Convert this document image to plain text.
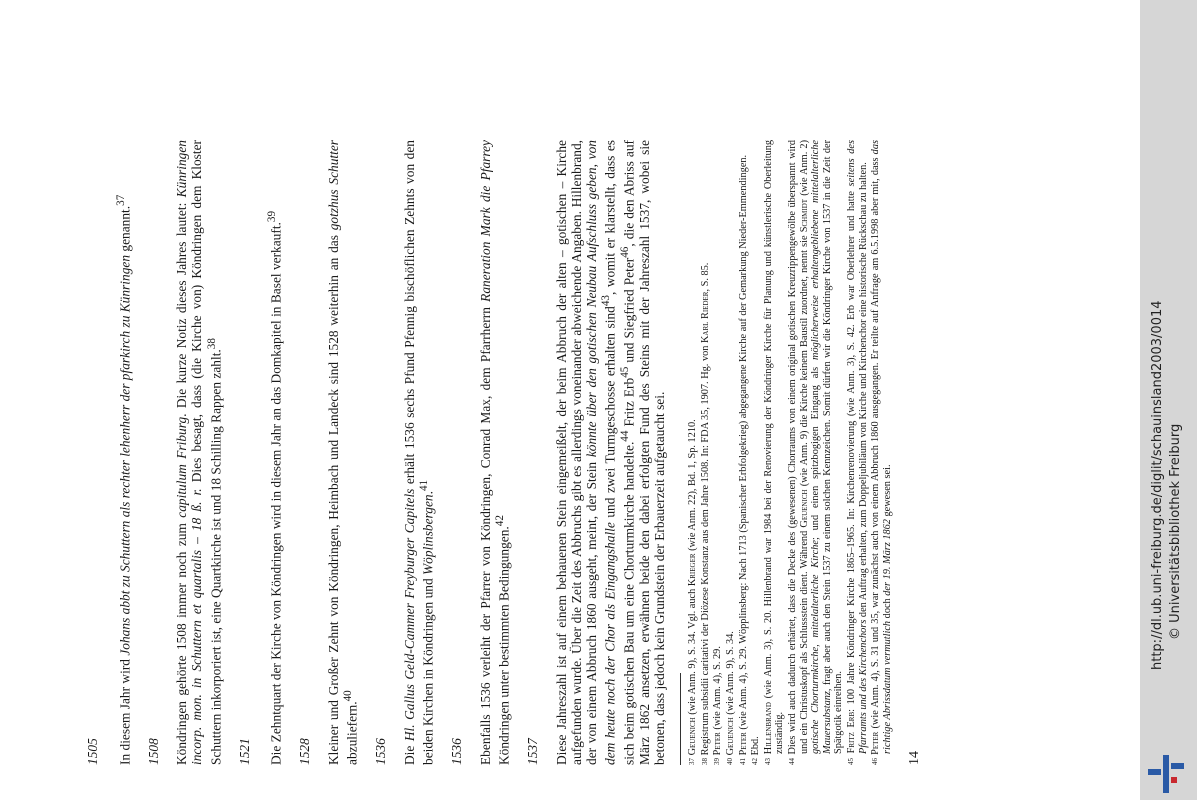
1505 In diesem Jahr wird Johans abbt zu Schuttern als rechter lehenherr der pfarkirch zu Künringen genannt.$^{37}$

1508 Köndringen gehörte 1508 immer noch zum capitulum Friburg. Die kurze Notiz dieses Jahres lautet: Künringen incorp. mon. in Schuttern et quartalis – 18 ß. r. Dies besagt, dass (die Kirche von) Köndringen dem Kloster Schuttern inkorporiert ist, eine Quartkirche ist und 18 Schilling Rappen zahlt.$^{38}$

1521 Die Zehntquart der Kirche von Köndringen wird in diesem Jahr an das Domkapitel in Basel verkauft.$^{39}$

1528 Kleiner und Großer Zehnt von Köndringen, Heimbach und Landeck sind 1528 weiterhin an das gotzhus Schutter abzuliefern.$^{40}$

1536 Die Hl. Gallus Geld-Cammer Freyburger Capitels erhält 1536 sechs Pfund Pfennig bischöflichen Zehnts von den beiden Kirchen in Köndringen und Wöplinsbergen.$^{41}$

1536 Ebenfalls 1536 verleiht der Pfarrer von Köndringen, Conrad Max, dem Pfarrherrn Raneration Mark die Pfarrey Köndringen unter bestimmten Bedingungen.$^{42}$

1537 Diese Jahreszahl ist auf einem behauenen Stein eingemeißelt, der beim Abbruch der alten – gotischen – Kirche aufgefunden wurde. Über die Zeit des Abbruchs gibt es allerdings voneinander abweichende Angaben. Hillenbrand, der von einem Abbruch 1860 ausgeht, meint, der Stein könnte über den gotischen Neubau Aufschluss geben, von dem heute noch der Chor als Eingangshalle und zwei Turmgeschosse erhalten sind$^{43}$, womit er klarstellt, dass es sich beim gotischen Bau um eine Chorturmkirche handelte.$^{44}$ Fritz Erb$^{45}$ und Siegfried Peter$^{46}$, die den Abriss auf März 1862 ansetzen, erwähnen beide den dabei erfolgten Fund des Steins mit der Jahreszahl 1537, wobei sie betonen, dass jedoch kein Grundstein der Erbauerzeit aufgetaucht sei.	$^{37}$ Geuenich (wie Anm. 9), S. 34. Vgl. auch Krieger (wie Anm. 22), Bd. 1, Sp. 1210.

$^{38}$ Registrum subsidii caritativi der Diözese Konstanz aus dem Jahre 1508. In: FDA 35, 1907. Hg. von Karl Rieder, S. 85.

$^{39}$ Peter (wie Anm. 4), S. 29.

$^{40}$ Geuenich (wie Anm. 9), S. 34.

$^{41}$ Peter (wie Anm. 4), S. 29. Wöpplinsberg: Nach 1713 (Spanischer Erbfolgekrieg) abgegangene Kirche auf der Gemarkung Nieder-Emmendingen.

$^{42}$ Ebd.

$^{43}$ Hillenbrand (wie Anm. 3), S. 20. Hillenbrand war 1984 bei der Renovierung der Köndringer Kirche für Planung und künstlerische Oberleitung zuständig.

$^{44}$ Dies wird auch dadurch erhärtet, dass die Decke des (gewesenen) Chorraums von einem original gotischen Kreuzrippengewölbe überspannt wird und ein Christuskopf als Schlussstein dient. Während Geuenich (wie Anm. 9) die Kirche keinem Baustil zuordnet, nennt sie Schmidt (wie Anm. 2) gotische Chorturmkirche, mittelalterliche Kirche; und einen spitzbogigen Eingang als möglicherweise erhaltengebliebene mittelalterliche Mauersubstanz, fragt aber auch den Stein 1537 zu einem solchen Kennzeichen. Somit dürfen wir die Köndringer Kirche von 1537 in die Zeit der Spätgotik einreihen.

$^{45}$ Fritz Erb: 100 Jahre Köndringer Kirche 1865–1965. In: Kirchenrenovierung (wie Anm. 3), S. 42. Erb war Oberlehrer und hatte seitens des Pfarramts und des Kirchenchors den Auftrag erhalten, zum Doppeljubiläum von Kirche und Kirchenchor eine historische Rückschau zu halten.

$^{46}$ Peter (wie Anm. 4), S. 31 und 35, war zunächst auch von einem Abbruch 1860 ausgegangen. Er teilte auf Anfrage am 6.5.1998 aber mit, dass das richtige Abrissdatum vermutlich doch der 19. März 1862 gewesen sei.

14
http://dl.ub.uni-freiburg.de/diglit/schauinsland2003/0014 © Universitätsbibliothek Freiburg
